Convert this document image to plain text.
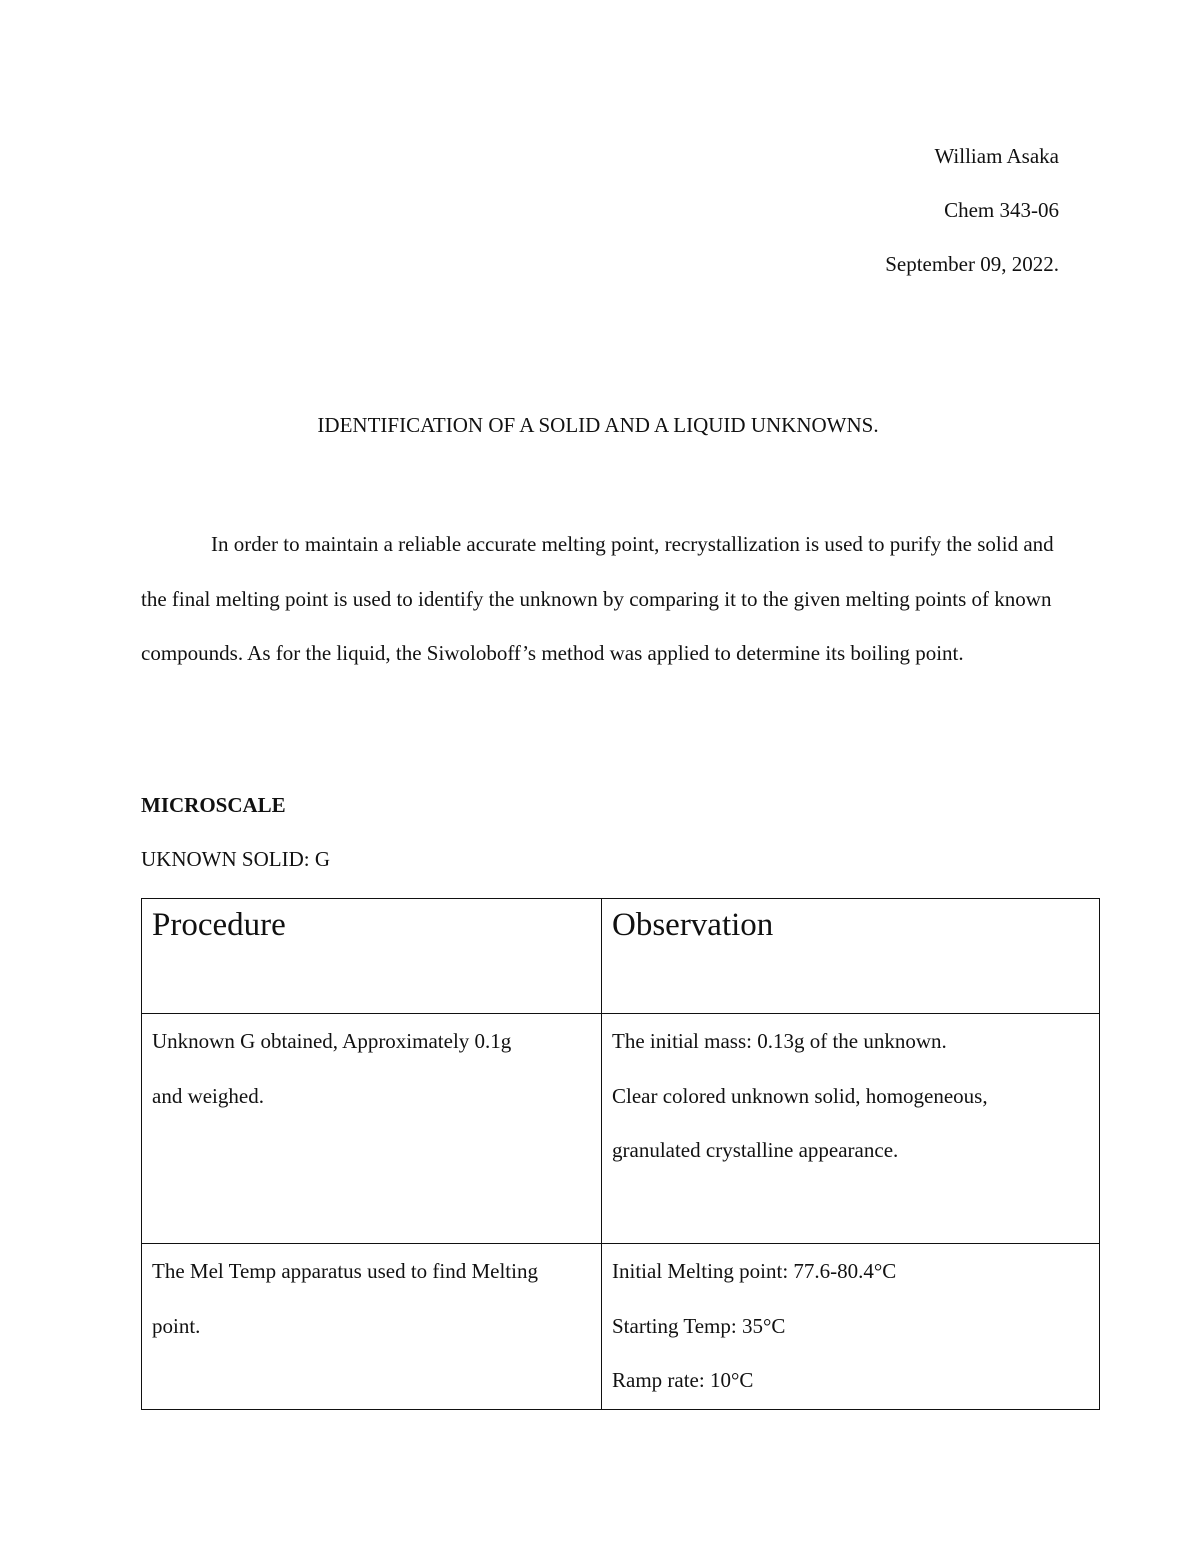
William Asaka
Chem 343-06
September 09, 2022.
IDENTIFICATION OF A SOLID AND A LIQUID UNKNOWNS.

In order to maintain a reliable accurate melting point, recrystallization is used to purify the solid and the final melting point is used to identify the unknown by comparing it to the given melting points of known compounds. As for the liquid, the Siwoloboff’s method was applied to determine its boiling point.

MICROSCALE
UKNOWN SOLID: G
Procedure	Observation

Unknown G obtained, Approximately 0.1g
and weighed.	The initial mass: 0.13g of the unknown.
Clear colored unknown solid, homogeneous,
granulated crystalline appearance.

The Mel Temp apparatus used to find Melting
point.	Initial Melting point: 77.6-80.4°C
Starting Temp: 35°C
Ramp rate: 10°C
